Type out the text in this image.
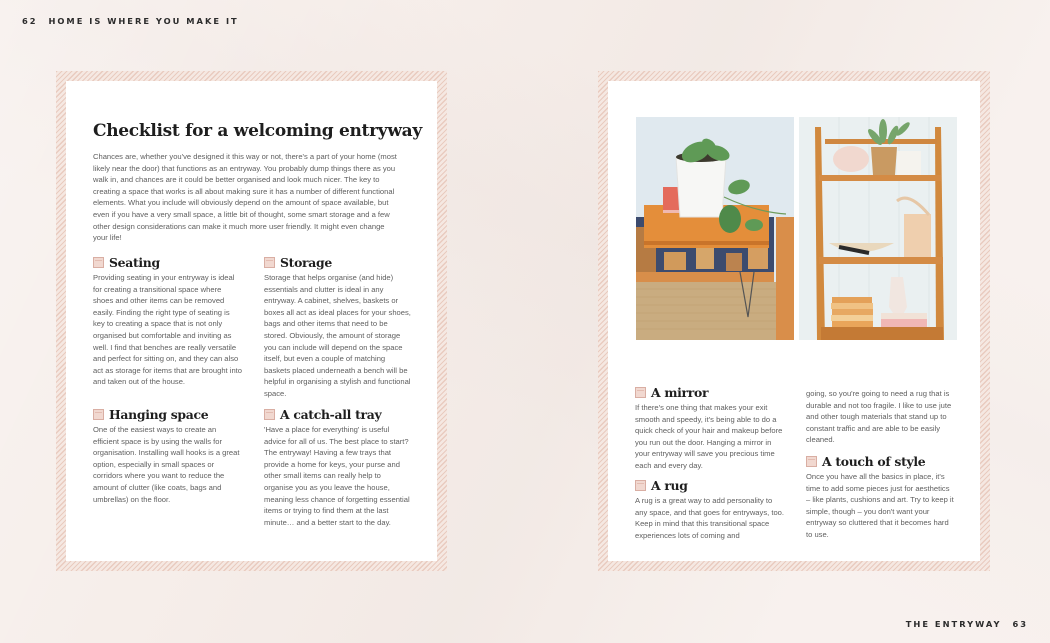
62 HOME IS WHERE YOU MAKE IT
Checklist for a welcoming entryway

Chances are, whether you've designed it this way or not, there's a part of your home (most likely near the door) that functions as an entryway. You probably dump things there as you walk in, and chances are it could be better organised and look much nicer. The key to creating a space that works is all about making sure it has a number of different functional elements. What you include will obviously depend on the amount of space available, but even if you have a very small space, a little bit of thought, some smart storage and a few other design considerations can make it much more user friendly. It might even change your life!

Seating

Providing seating in your entryway is ideal for creating a transitional space where shoes and other items can be removed easily. Finding the right type of seating is key to creating a space that is not only organised but comfortable and inviting as well. I find that benches are really versatile and perfect for sitting on, and they can also act as storage for items that are brought into and taken out of the house.

Storage

Storage that helps organise (and hide) essentials and clutter is ideal in any entryway. A cabinet, shelves, baskets or boxes all act as ideal places for your shoes, bags and other items that need to be stored. Obviously, the amount of storage you can include will depend on the space itself, but even a couple of matching baskets placed underneath a bench will be helpful in organising a stylish and functional space.

Hanging space

One of the easiest ways to create an efficient space is by using the walls for organisation. Installing wall hooks is a great option, especially in small spaces or corridors where you want to reduce the amount of clutter (like coats, bags and umbrellas) on the floor.

A catch-all tray

'Have a place for everything' is useful advice for all of us. The best place to start? The entryway! Having a few trays that provide a home for keys, your purse and other small items can really help to organise you as you leave the house, meaning less chance of forgetting essential items or trying to find them at the last minute… and a better start to the day.

A mirror

If there's one thing that makes your exit smooth and speedy, it's being able to do a quick check of your hair and makeup before you run out the door. Hanging a mirror in your entryway will save you precious time each and every day.

A rug

A rug is a great way to add personality to any space, and that goes for entryways, too. Keep in mind that this transitional space experiences lots of coming and

going, so you're going to need a rug that is durable and not too fragile. I like to use jute and other tough materials that stand up to constant traffic and are able to be easily cleaned.

A touch of style

Once you have all the basics in place, it's time to add some pieces just for aesthetics – like plants, cushions and art. Try to keep it simple, though – you don't want your entryway so cluttered that it becomes hard to use.

THE ENTRYWAY 63
